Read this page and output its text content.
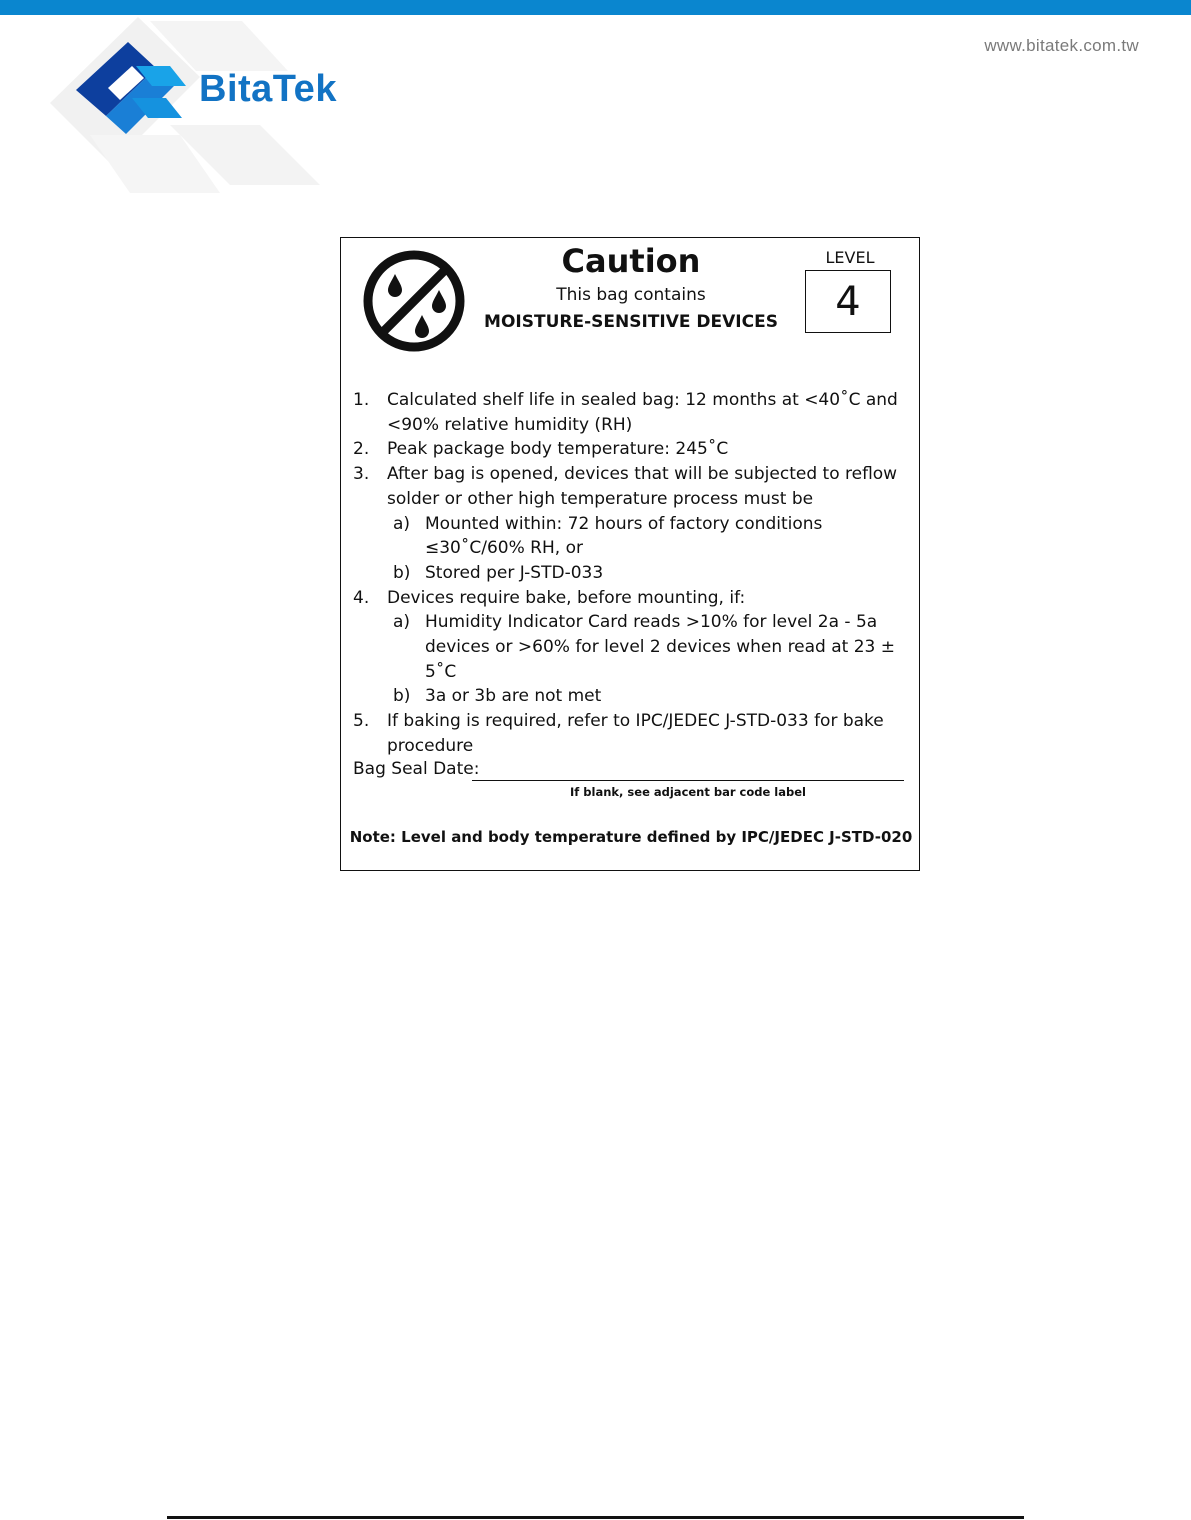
www.bitatek.com.tw
BitaTek
Caution
This bag contains
MOISTURE-SENSITIVE DEVICES
LEVEL
4
1. Calculated shelf life in sealed bag: 12 months at <40˚C and <90% relative humidity (RH)
2. Peak package body temperature: 245˚C
3. After bag is opened, devices that will be subjected to reflow solder or other high temperature process must be
a) Mounted within: 72 hours of factory conditions ≤30˚C/60% RH, or
b) Stored per J-STD-033
4. Devices require bake, before mounting, if:
a) Humidity Indicator Card reads >10% for level 2a - 5a devices or >60% for level 2 devices when read at 23 ± 5˚C
b) 3a or 3b are not met
5. If baking is required, refer to IPC/JEDEC J-STD-033 for bake procedure
Bag Seal Date:
If blank, see adjacent bar code label
Note: Level and body temperature defined by IPC/JEDEC J-STD-020
